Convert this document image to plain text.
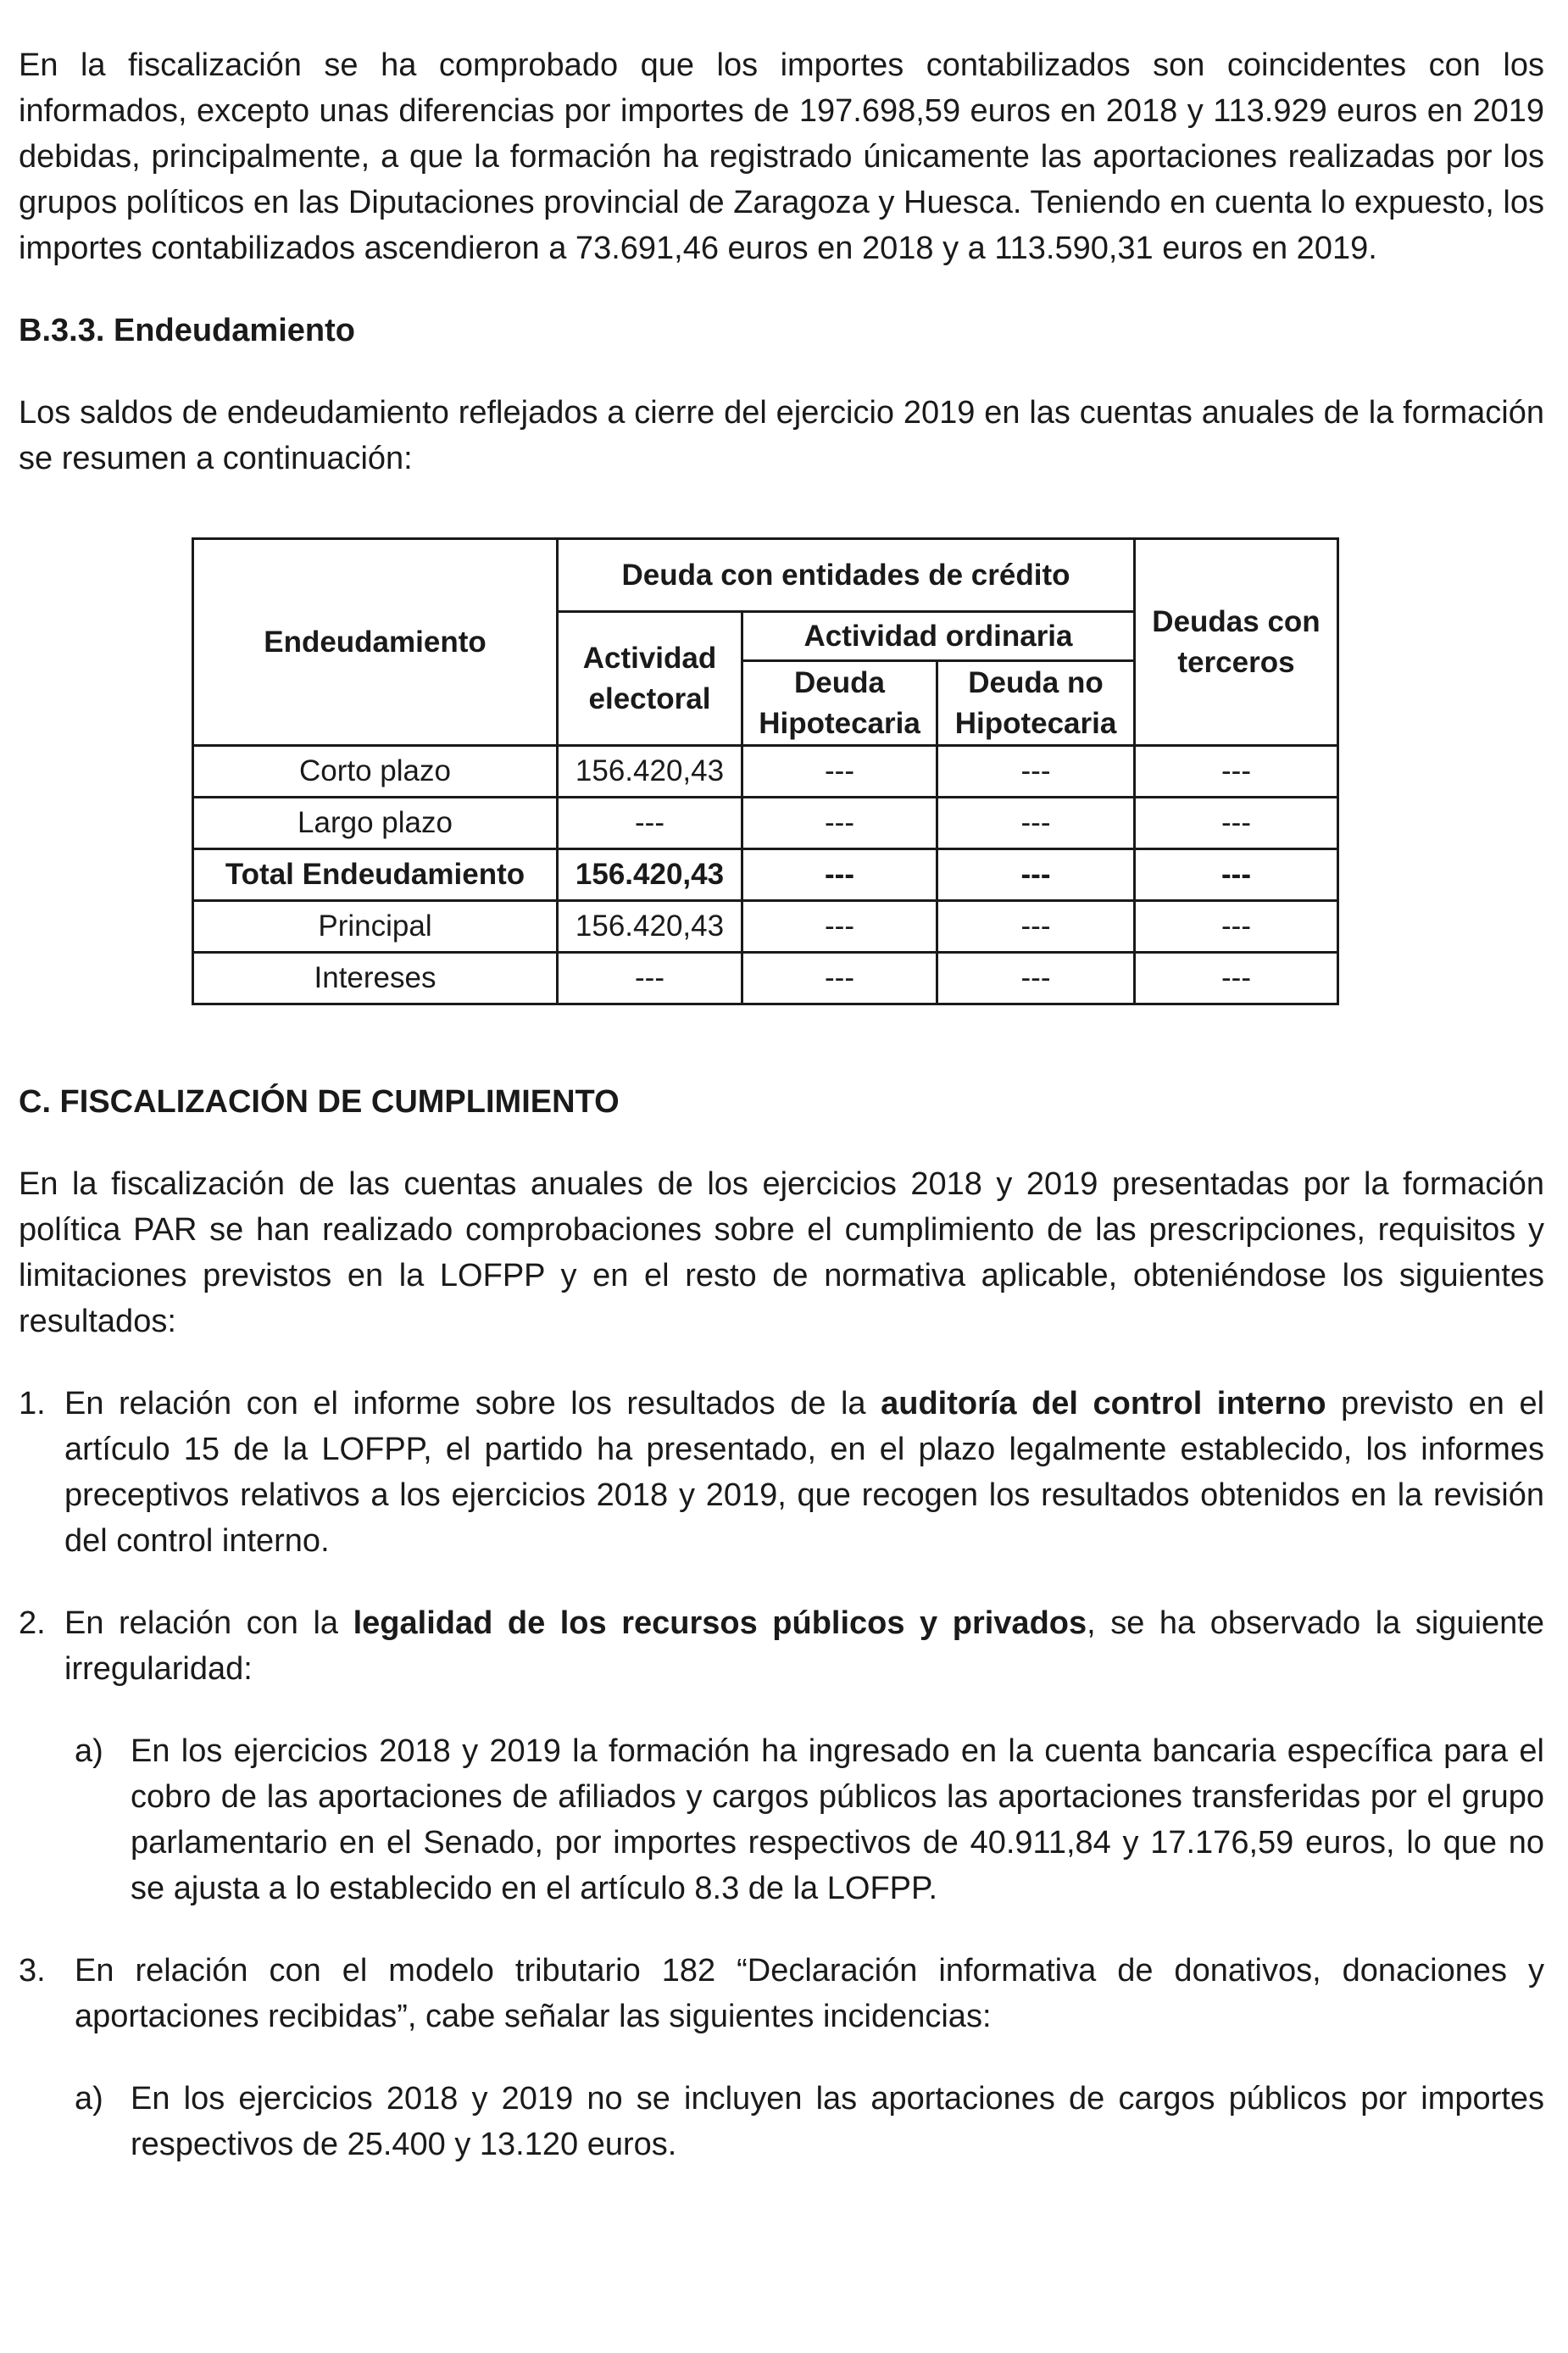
En la fiscalización se ha comprobado que los importes contabilizados son coincidentes con los informados, excepto unas diferencias por importes de 197.698,59 euros en 2018 y 113.929 euros en 2019 debidas, principalmente, a que la formación ha registrado únicamente las aportaciones realizadas por los grupos políticos en las Diputaciones provincial de Zaragoza y Huesca. Teniendo en cuenta lo expuesto, los importes contabilizados ascendieron a 73.691,46 euros en 2018 y a 113.590,31 euros en 2019.

B.3.3. Endeudamiento

Los saldos de endeudamiento reflejados a cierre del ejercicio 2019 en las cuentas anuales de la formación se resumen a continuación:

C. FISCALIZACIÓN DE CUMPLIMIENTO

En la fiscalización de las cuentas anuales de los ejercicios 2018 y 2019 presentadas por la formación política PAR se han realizado comprobaciones sobre el cumplimiento de las prescripciones, requisitos y limitaciones previstos en la LOFPP y en el resto de normativa aplicable, obteniéndose los siguientes resultados:

1. En relación con el informe sobre los resultados de la auditoría del control interno previsto en el artículo 15 de la LOFPP, el partido ha presentado, en el plazo legalmente establecido, los informes preceptivos relativos a los ejercicios 2018 y 2019, que recogen los resultados obtenidos en la revisión del control interno.
2. En relación con la legalidad de los recursos públicos y privados, se ha observado la siguiente irregularidad:
a) En los ejercicios 2018 y 2019 la formación ha ingresado en la cuenta bancaria específica para el cobro de las aportaciones de afiliados y cargos públicos las aportaciones transferidas por el grupo parlamentario en el Senado, por importes respectivos de 40.911,84 y 17.176,59 euros, lo que no se ajusta a lo establecido en el artículo 8.3 de la LOFPP.
3. En relación con el modelo tributario 182 “Declaración informativa de donativos, donaciones y aportaciones recibidas”, cabe señalar las siguientes incidencias:
a) En los ejercicios 2018 y 2019 no se incluyen las aportaciones de cargos públicos por importes respectivos de 25.400 y 13.120 euros.
Endeudamiento	Deuda con entidades de crédito			Deudas con terceros
	Actividad electoral	Actividad ordinaria		
		Deuda Hipotecaria	Deuda no Hipotecaria	
Corto plazo	156.420,43	---	---	---
Largo plazo	---	---	---	---
Total Endeudamiento	156.420,43	---	---	---
Principal	156.420,43	---	---	---
Intereses	---	---	---	---
